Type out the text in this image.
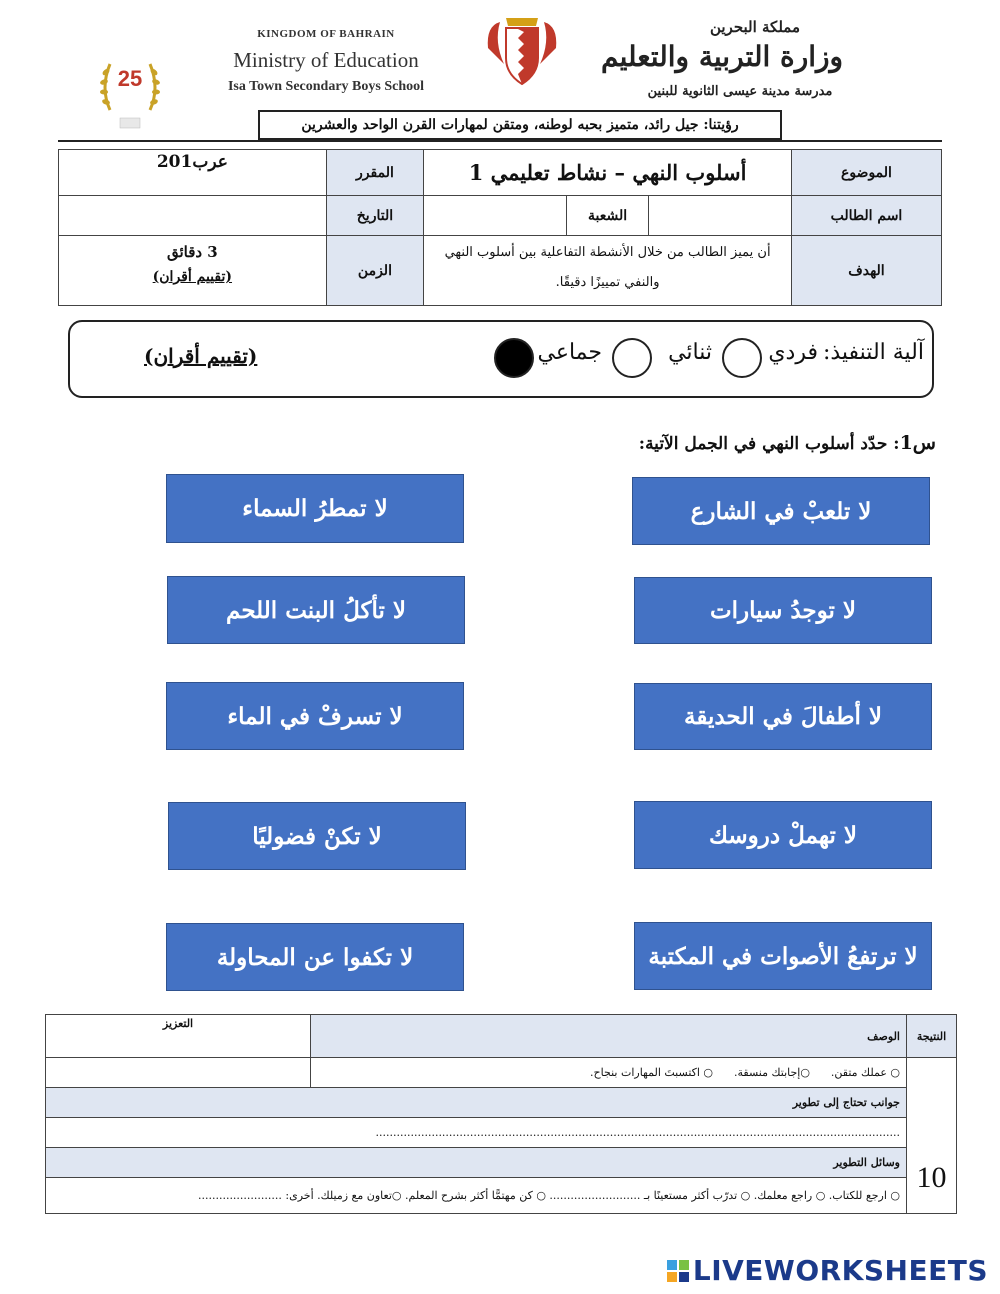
25
KINGDOM OF BAHRAIN
Ministry of Education
Isa Town Secondary Boys School
مملكة البحرين
وزارة التربية والتعليم
مدرسة مدينة عيسى الثانوية للبنين
رؤيتنا: جيل رائد، متميز بحبه لوطنه، ومتقن لمهارات القرن الواحد والعشرين
الموضوع	أسلوب النهي – نشاط تعليمي 1			المقرر	عرب201
اسم الطالب		الشعبة		التاريخ	
الهدف	أن يميز الطالب من خلال الأنشطة التفاعلية بين أسلوب النهي والنفي تمييزًا دقيقًا.			الزمن	3 دقائق
(تقييم أقران)
آلية التنفيذ:
فردي
ثنائي
جماعي
(تقييم أقران)
س1: حدّد أسلوب النهي في الجمل الآتية:
لا تلعبْ في الشارع
لا تمطرُ السماء
لا توجدُ سيارات
لا تأكلُ البنت اللحم
لا أطفالَ في الحديقة
لا تسرفْ في الماء
لا تهملْ دروسك
لا تكنْ فضوليًا
لا ترتفعُ الأصوات في المكتبة
لا تكفوا عن المحاولة
النتيجة	الوصف	التعزيز
10	○ عملك متقن.      ○إجابتك منسقة.      ○ اكتسبتَ المهارات بنجاح.	
	جوانب تحتاج إلى تطوير	
	......................................................................................................................................................	
	وسائل التطوير	
	○ ارجع للكتاب. ○ راجع معلمك. ○ تدرّب أكثر مستعينًا بـ .......................... ○ كن مهتمًّا أكثر بشرح المعلم. ○تعاون مع زميلك. أخرى: ........................	
LIVEWORKSHEETS
